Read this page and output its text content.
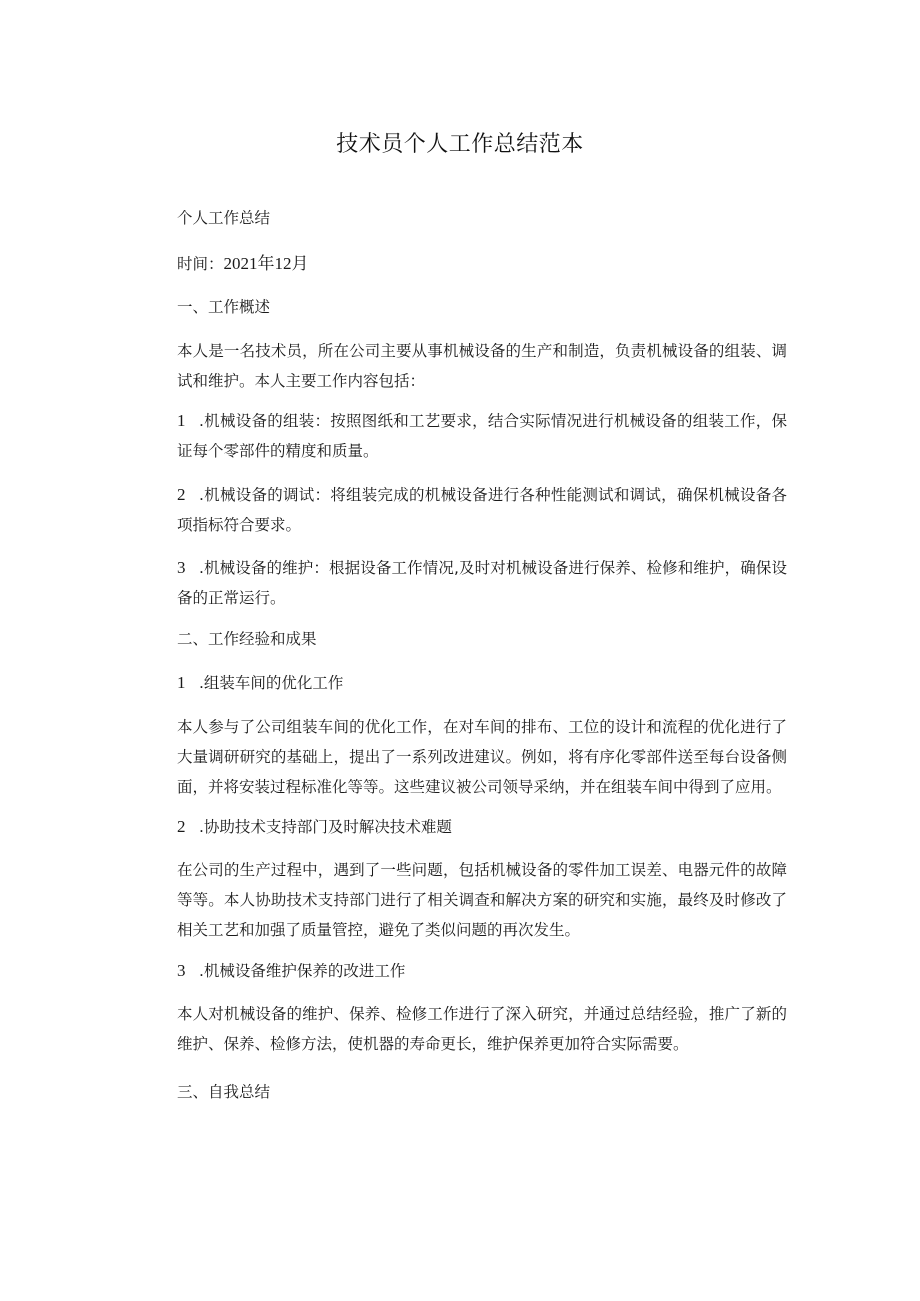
技术员个人工作总结范本

个人工作总结

时间：2021年12月

一、工作概述

本人是一名技术员，所在公司主要从事机械设备的生产和制造，负责机械设备的组装、调试和维护。本人主要工作内容包括：

1 .机械设备的组装：按照图纸和工艺要求，结合实际情况进行机械设备的组装工作，保证每个零部件的精度和质量。

2 .机械设备的调试：将组装完成的机械设备进行各种性能测试和调试，确保机械设备各项指标符合要求。

3 .机械设备的维护：根据设备工作情况,及时对机械设备进行保养、检修和维护，确保设备的正常运行。

二、工作经验和成果

1 .组装车间的优化工作

本人参与了公司组装车间的优化工作，在对车间的排布、工位的设计和流程的优化进行了大量调研研究的基础上，提出了一系列改进建议。例如，将有序化零部件送至每台设备侧面，并将安装过程标准化等等。这些建议被公司领导采纳，并在组装车间中得到了应用。

2 .协助技术支持部门及时解决技术难题

在公司的生产过程中，遇到了一些问题，包括机械设备的零件加工误差、电器元件的故障等等。本人协助技术支持部门进行了相关调查和解决方案的研究和实施，最终及时修改了相关工艺和加强了质量管控，避免了类似问题的再次发生。

3 .机械设备维护保养的改进工作

本人对机械设备的维护、保养、检修工作进行了深入研究，并通过总结经验，推广了新的维护、保养、检修方法，使机器的寿命更长，维护保养更加符合实际需要。

三、自我总结
